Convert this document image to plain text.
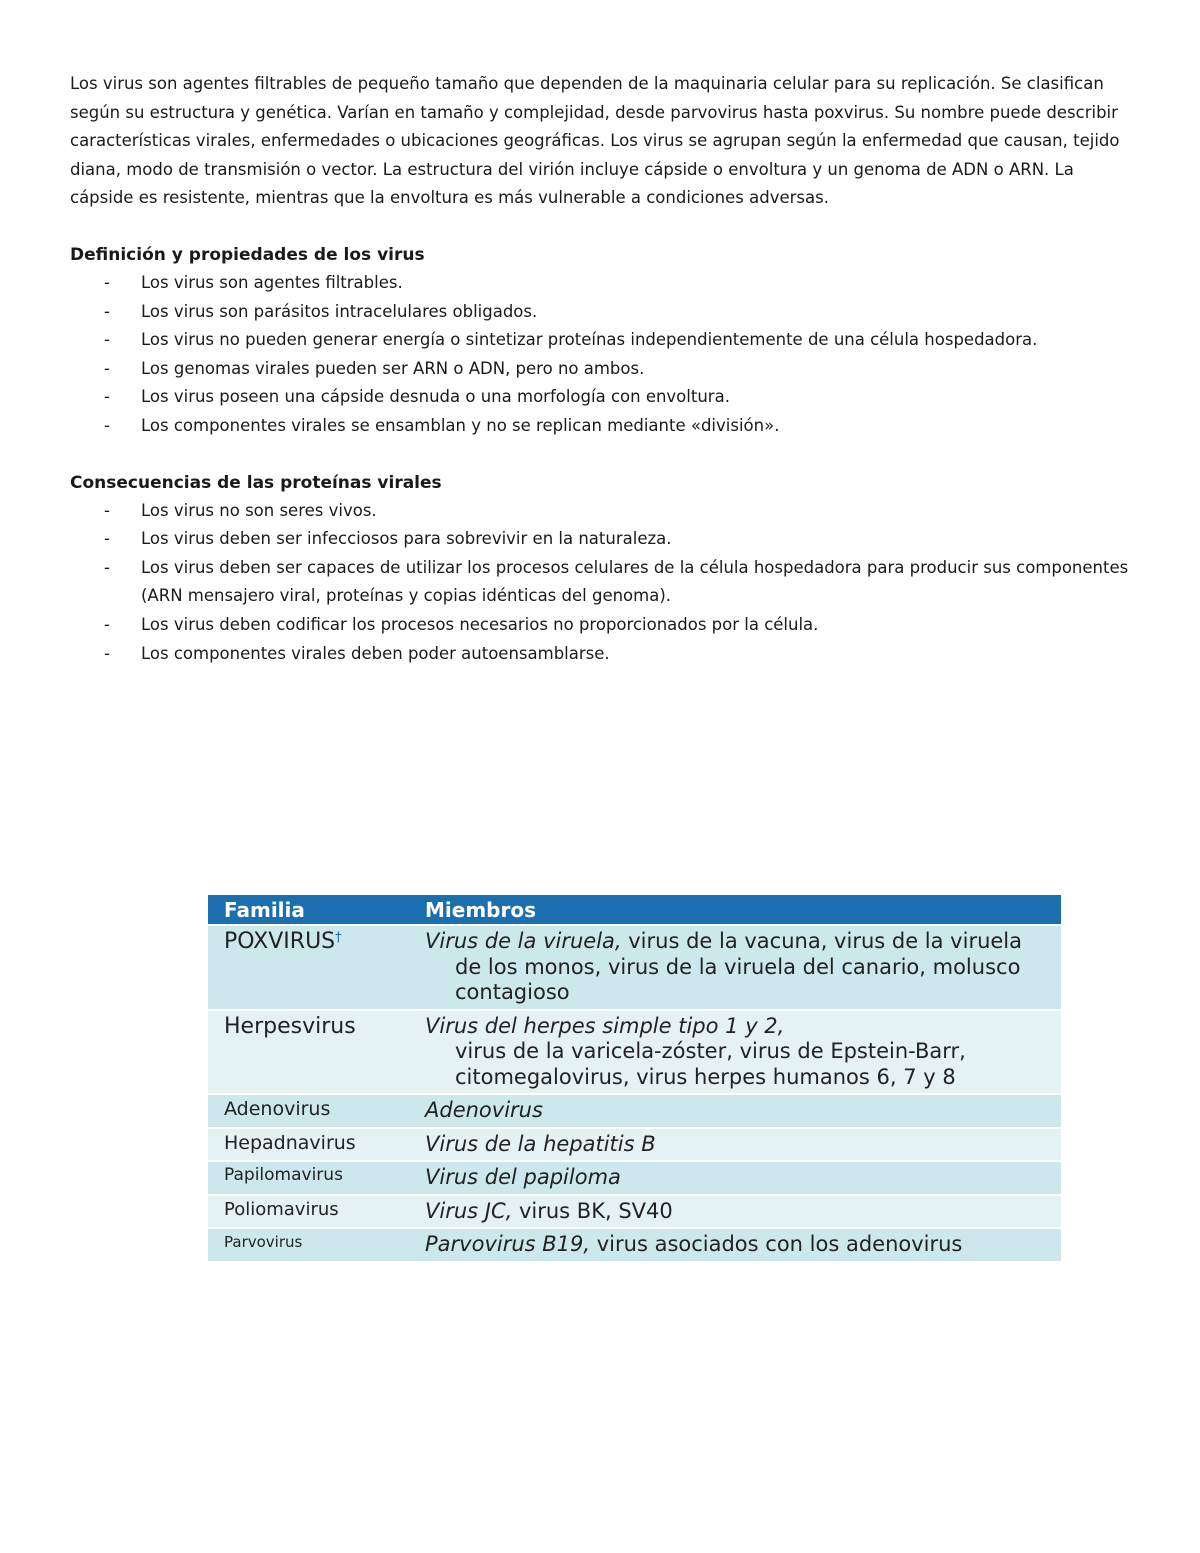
Los virus son agentes filtrables de pequeño tamaño que dependen de la maquinaria celular para su replicación. Se clasifican según su estructura y genética. Varían en tamaño y complejidad, desde parvovirus hasta poxvirus. Su nombre puede describir características virales, enfermedades o ubicaciones geográficas. Los virus se agrupan según la enfermedad que causan, tejido diana, modo de transmisión o vector. La estructura del virión incluye cápside o envoltura y un genoma de ADN o ARN. La cápside es resistente, mientras que la envoltura es más vulnerable a condiciones adversas.

Definición y propiedades de los virus
- Los virus son agentes filtrables.
- Los virus son parásitos intracelulares obligados.
- Los virus no pueden generar energía o sintetizar proteínas independientemente de una célula hospedadora.
- Los genomas virales pueden ser ARN o ADN, pero no ambos.
- Los virus poseen una cápside desnuda o una morfología con envoltura.
- Los componentes virales se ensamblan y no se replican mediante «división».
Consecuencias de las proteínas virales
- Los virus no son seres vivos.
- Los virus deben ser infecciosos para sobrevivir en la naturaleza.
- Los virus deben ser capaces de utilizar los procesos celulares de la célula hospedadora para producir sus componentes (ARN mensajero viral, proteínas y copias idénticas del genoma).
- Los virus deben codificar los procesos necesarios no proporcionados por la célula.
- Los componentes virales deben poder autoensamblarse.
Familia	Miembros
POXVIRUS†	Virus de la viruela, virus de la vacuna, virus de la viruela
de los monos, virus de la viruela del canario, molusco
contagioso

Herpesvirus	Virus del herpes simple tipo 1 y 2,
virus de la varicela-zóster, virus de Epstein-Barr,
citomegalovirus, virus herpes humanos 6, 7 y 8

Adenovirus	Adenovirus
Hepadnavirus	Virus de la hepatitis B
Papilomavirus	Virus del papiloma
Poliomavirus	Virus JC, virus BK, SV40
Parvovirus	Parvovirus B19, virus asociados con los adenovirus
